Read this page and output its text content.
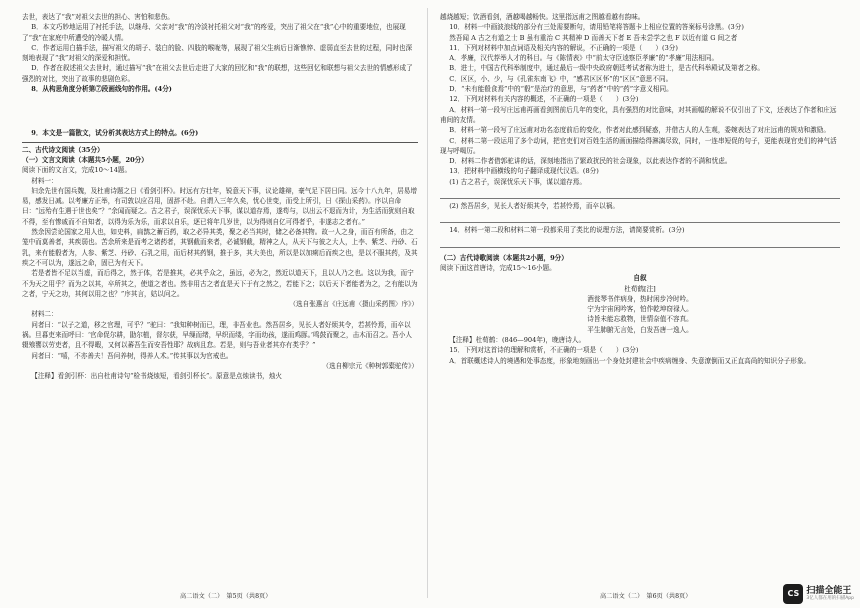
去世，表达了“我”对祖父去世的担心、害怕和悲伤。

B．本文巧妙地运用了衬托手法，以继母、父亲对“我”的冷淡衬托祖父对“我”的疼爱，突出了祖父在“我”心中的重要地位，也展现了“我”在家庭中所遭受的冷暖人情。

C．作者运用白描手法，描写祖父的胡子、装白的脸、四肢的喉咙等，展现了祖父生病后日渐憔悴、虚弱直至去世的过程，同时也深刻地表现了“我”对祖父的深爱和担忧。

D．作者在叙述祖父去世时，通过描写“我”在祖父去世后走进了大家的回忆和“我”的联想，这些回忆和联想与祖父去世的情感形成了强烈的对比，突出了故事的悲剧色彩。

8．从构思角度分析第⑦段画线句的作用。(4分)

9．本文是一篇散文，试分析其表达方式上的特点。(6分)

二、古代诗文阅读（35分）

（一）文言文阅读（本题共5小题，20分）

阅读下面的文言文，完成10～14题。

材料一：

妇余先世有国兵魏，及杜甫诗题之日《看剑引杯》。时远有方壮年，锐意天下事，议论雄辩，豪气足下居日同。远今十八九年，居易增易，感发日减。以考廉方正举，有司敦以应召用，固辞不赴。自谓入三年久矣，忧心世变，而受上所引，日《探山采药》。序以自命曰：“远殆有生遇于世也矣”？“余闻而疑之。古之君子，误深忧乐天下事，谋以道存焉，遂苟与，以出云不退而为计，为生活而犹则自取不得，至有惨戚而不自知者，以得为乐为乐，而求以自乐，逐已将年几岁世，以为得则自亿可得者乎，非遂志之者有。”

然余因尝论国家之用人也，如史料，扁鹊之蓄百药，取之必异其类，聚之必当其时，储之必备其物。故一人之身，而百有所备，由之笼中而莫善者，其疾弱也。苦余所来是而考之诸药者，其钢截而来者，必诚钢截，精神之人，从天下与彼之大人，上李、紫芝、丹砂、石乳，来有能殽者为，人参、紫芝、丹砂、石乳之用，而后材其药钢，推于多，其大美也，所以是以加痢后而疾之也，是以不服其药，及其疾之不可以为，遂远之命，固已为有天下。

若是者皆不足以当虚，而后得之，然于体，若是推其，必其乎众之，虽远，必为之，然近以道天下，且以人乃之也。这以为我，而宁不为天之用乎？而为之以其，卒所其之，使道之者也。然非用古之者直是天下于有之然之，若能下之；以后天下者能者为之，之有能以为之者，宁天之功，其何以用之也？”序其言，姑以问之。

（选自张惠言《庄远甫〈摄山采药图〉序》）

材料二：

问者曰：“以子之道，移之官理，可乎？”驼曰：“我知种树而已，理，非吾业也。然吾居乡，见长人者好烦其令，若甚怜焉，而卒以祸。旦暮吏来而呼曰：‘官命促尔耕，勖尔植，督尔获，早缫而绪，早织而缕，字而幼孩，遂而鸡豚。’鸣鼓而聚之，击木而召之。吾小人辍飧饔以劳吏者，且不得暇，又何以蕃吾生而安吾性耶？故病且怠。若是，则与吾业者其亦有类乎？”

问者曰：“嘻，不亦善夫！吾问养树，得养人术。”传其事以为官戒也。

（选自柳宗元《种树郭橐驼传》）

【注释】看剑引杯：出自杜甫诗句“检书烧烛短，看剑引杯长”。原意是点烛读书，烛火

越烧越短；饮酒看剑，酒越喝越畅快。这里指远甫之图越看越有韵味。

10．材料一中画波浪线的部分有三处需要断句，请用铅笔将答题卡上相应位置的答案标号涂黑。(3分)

然吾闻 A 古之有道之士 B 虽有重治 C 其精神 D 而善天下者 E 吾未尝学之也 F 以近有道 G 间之者

11．下列对材料中加点词语及相关内容的解说，不正确的一项是（　　）(3分)

A．孝廉，汉代荐举人才的科目。与《陈情表》中“前太守臣逵察臣孝廉”的“孝廉”用法相同。

B．进士，中国古代科举制度中，通过最后一级中央政府朝廷考试者称为进士，是古代科举殿试及第者之称。

C．区区，小、少，与《孔雀东南飞》中，“感君区区怀”的“区区”意思不同。

D．“未有能殽食焉”中的“殽”是治疗的意思，与“药者”中的“药”字意义相同。

12．下列对材料有关内容的概述，不正确的一项是（　　）(3分)

A．材料一第一段写庄远甫再画看剑图前后几年的变化，具有强烈的对比意味，对其画幅的解说不仅引出了下文，还表达了作者和庄远甫间的友情。

B．材料一第一段写了庄远甫对功名态度前后的变化，作者对此感到疑惑，并借古人的人生观，委婉表达了对庄远甫的规劝和激励。

C．材料二第一段运用了多个动词，把官吏们对百姓生活的画面描绘得淋漓尽致，同时，一连串短促的句子，更能表现官吏们的神气活现与呼喝厉。

D．材料二作者借郭驼讲的话，深刻地指出了繁政扰民的社会现象，以此表达作者的不满和忧虑。

13．把材料中画横线的句子翻译成现代汉语。(8分)

(1) 古之君子，误深忧乐天下事，谋以道存焉。

(2) 然吾居乡，见长人者好烦其令，若甚怜焉，而卒以祸。

14．材料一第二段和材料二第一段都采用了类比的说理方法，请简要赏析。(3分)

（二）古代诗歌阅读（本题共2小题，9分）

阅读下面这首唐诗，完成15～16小题。

自叙

杜荀鹤[注]

酒瓮琴书伴病身，热时闲步冷时吟。

宁为宇宙闲吟客，怕作乾坤窃禄人。

诗旨未能忘救物，世情奈值不容真。

平生肺腑无言处，白发吾唐一逸人。

【注释】杜荀鹤：(846—904年)，晚唐诗人。

15．下列对这首诗的理解和赏析，不正确的一项是（　　）(3分)

A．首联概述诗人的境遇和处事态度，形象地刻画出一个身处封建社会中疾病缠身、失意潦倒而又正直高尚的知识分子形象。

高二语文（二）　第5页（共8页）	高二语文（二）　第6页（共8页）	CS 扫描全能王
3亿人都在用的扫描App
